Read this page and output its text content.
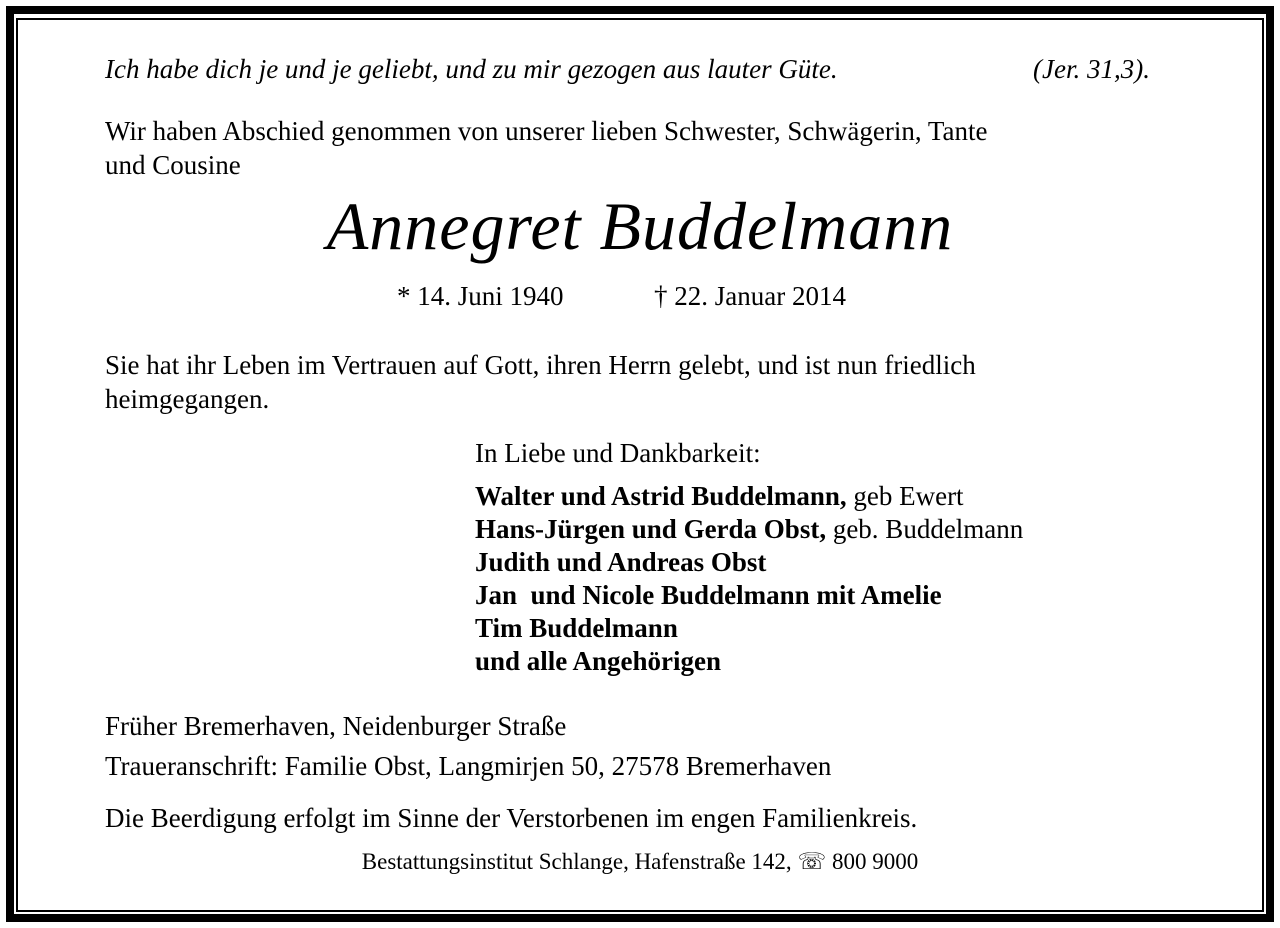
Ich habe dich je und je geliebt, und zu mir gezogen aus lauter Güte.	(Jer. 31,3).

Wir haben Abschied genommen von unserer lieben Schwester, Schwägerin, Tante

und Cousine

Annegret Buddelmann

* 14. Juni 1940	† 22. Januar 2014

Sie hat ihr Leben im Vertrauen auf Gott, ihren Herrn gelebt, und ist nun friedlich

heimgegangen.

In Liebe und Dankbarkeit:

Walter und Astrid Buddelmann, geb Ewert

Hans-Jürgen und Gerda Obst, geb. Buddelmann

Judith und Andreas Obst

Jan  und Nicole Buddelmann mit Amelie

Tim Buddelmann

und alle Angehörigen

Früher Bremerhaven, Neidenburger Straße

Traueranschrift: Familie Obst, Langmirjen 50, 27578 Bremerhaven

Die Beerdigung erfolgt im Sinne der Verstorbenen im engen Familienkreis.

Bestattungsinstitut Schlange, Hafenstraße 142, ☏ 800 9000
